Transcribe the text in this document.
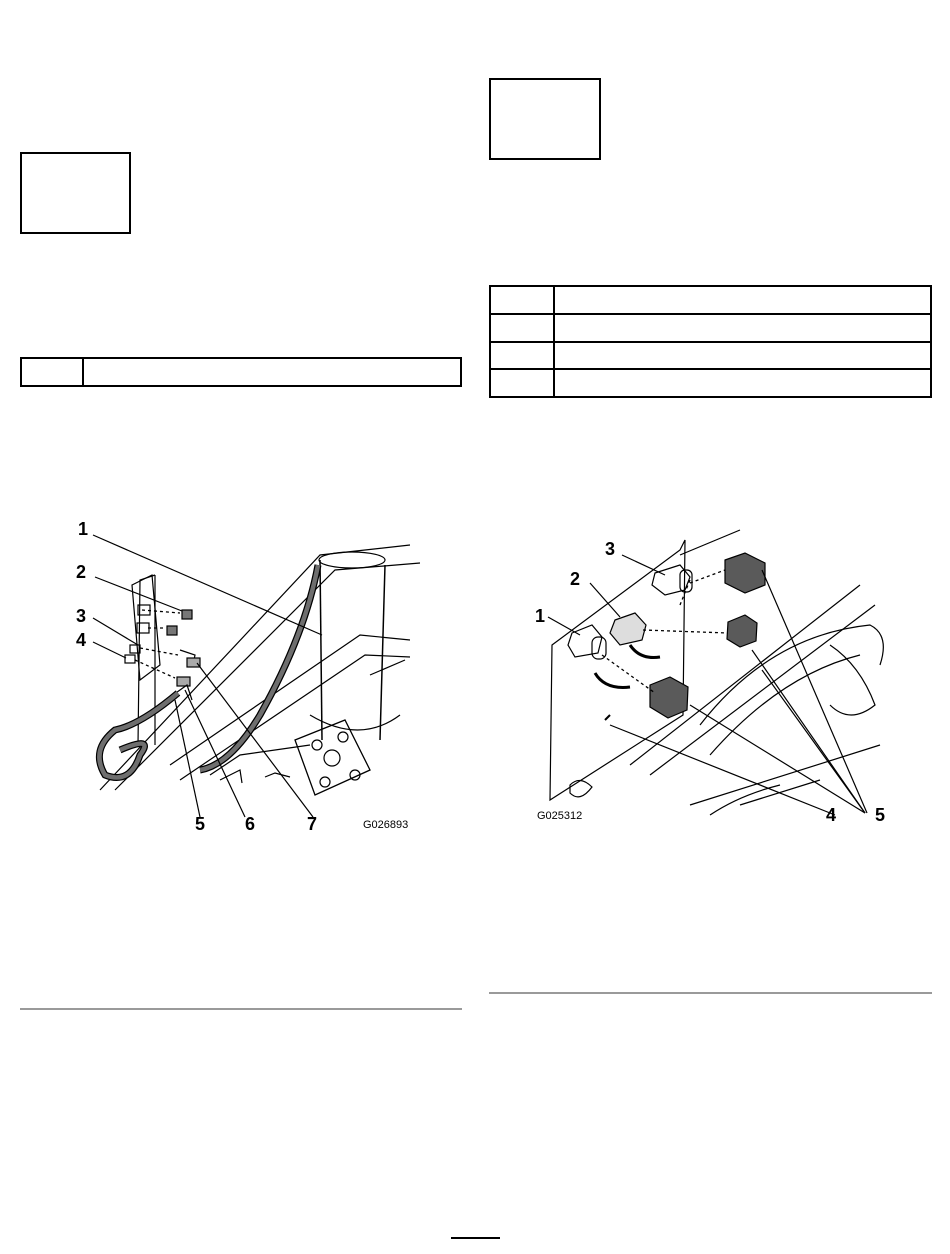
1
2
3
4
5 6	7	G026893
3
2
1
4 5
G025312
